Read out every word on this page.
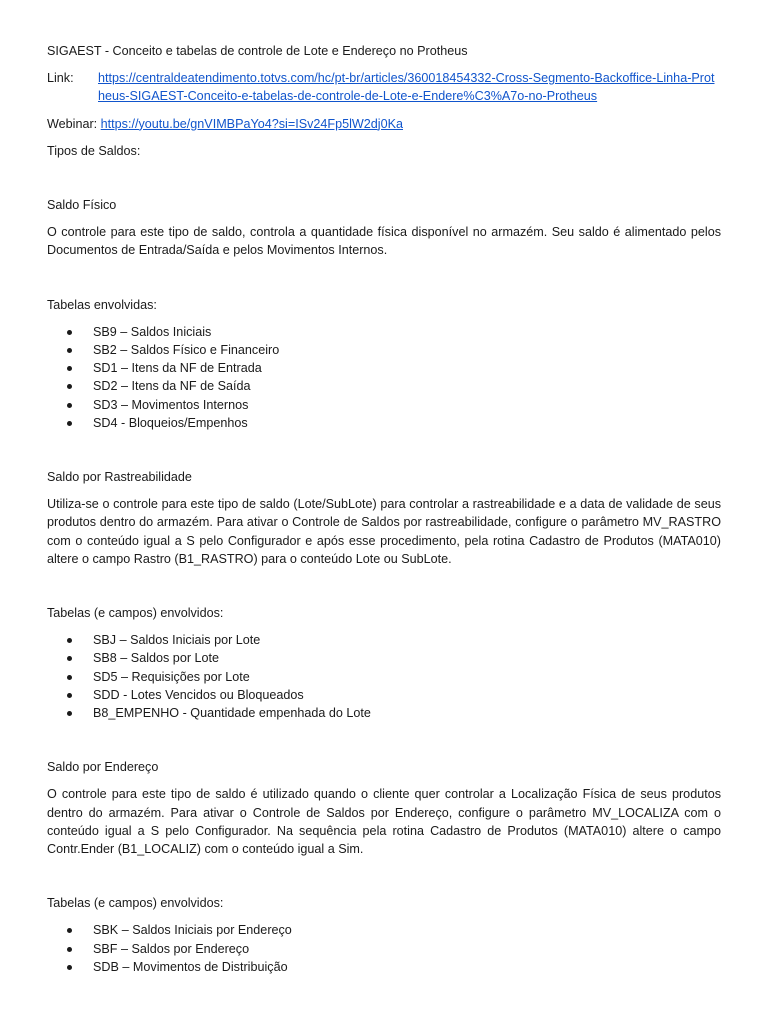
SIGAEST - Conceito e tabelas de controle de Lote e Endereço no Protheus

Link:	https://centraldeatendimento.totvs.com/hc/pt-br/articles/360018454332-Cross-Segmento-Backoffice-Linha-Protheus-SIGAEST-Conceito-e-tabelas-de-controle-de-Lote-e-Endere%C3%A7o-no-Protheus

Webinar: https://youtu.be/gnVIMBPaYo4?si=ISv24Fp5lW2dj0Ka

Tipos de Saldos:

Saldo Físico

O controle para este tipo de saldo, controla a quantidade física disponível no armazém. Seu saldo é alimentado pelos Documentos de Entrada/Saída e pelos Movimentos Internos.

Tabelas envolvidas:

SB9 – Saldos Iniciais
SB2 – Saldos Físico e Financeiro
SD1 – Itens da NF de Entrada
SD2 – Itens da NF de Saída
SD3 – Movimentos Internos
SD4 - Bloqueios/Empenhos

Saldo por Rastreabilidade

Utiliza-se o controle para este tipo de saldo (Lote/SubLote) para controlar a rastreabilidade e a data de validade de seus produtos dentro do armazém. Para ativar o Controle de Saldos por rastreabilidade, configure o parâmetro MV_RASTRO com o conteúdo igual a S pelo Configurador e após esse procedimento, pela rotina Cadastro de Produtos (MATA010) altere o campo Rastro (B1_RASTRO) para o conteúdo Lote ou SubLote.

Tabelas (e campos) envolvidos:

SBJ – Saldos Iniciais por Lote
SB8 – Saldos por Lote
SD5 – Requisições por Lote
SDD - Lotes Vencidos ou Bloqueados
B8_EMPENHO - Quantidade empenhada do Lote

Saldo por Endereço

O controle para este tipo de saldo é utilizado quando o cliente quer controlar a Localização Física de seus produtos dentro do armazém. Para ativar o Controle de Saldos por Endereço, configure o parâmetro MV_LOCALIZA com o conteúdo igual a S pelo Configurador. Na sequência pela rotina Cadastro de Produtos (MATA010) altere o campo Contr.Ender (B1_LOCALIZ) com o conteúdo igual a Sim.

Tabelas (e campos) envolvidos:

SBK – Saldos Iniciais por Endereço
SBF – Saldos por Endereço
SDB – Movimentos de Distribuição
